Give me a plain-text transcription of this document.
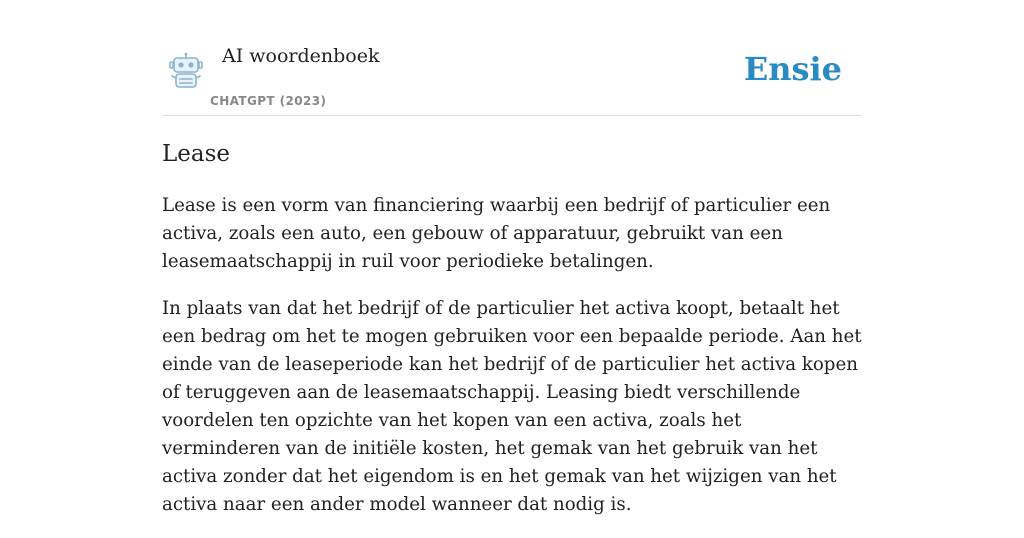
AI woordenboek
CHATGPT (2023)
Ensie
Lease

Lease is een vorm van financiering waarbij een bedrijf of particulier een activa, zoals een auto, een gebouw of apparatuur, gebruikt van een leasemaatschappij in ruil voor periodieke betalingen.

In plaats van dat het bedrijf of de particulier het activa koopt, betaalt het een bedrag om het te mogen gebruiken voor een bepaalde periode. Aan het einde van de leaseperiode kan het bedrijf of de particulier het activa kopen of teruggeven aan de leasemaatschappij. Leasing biedt verschillende voordelen ten opzichte van het kopen van een activa, zoals het verminderen van de initiële kosten, het gemak van het gebruik van het activa zonder dat het eigendom is en het gemak van het wijzigen van het activa naar een ander model wanneer dat nodig is.
